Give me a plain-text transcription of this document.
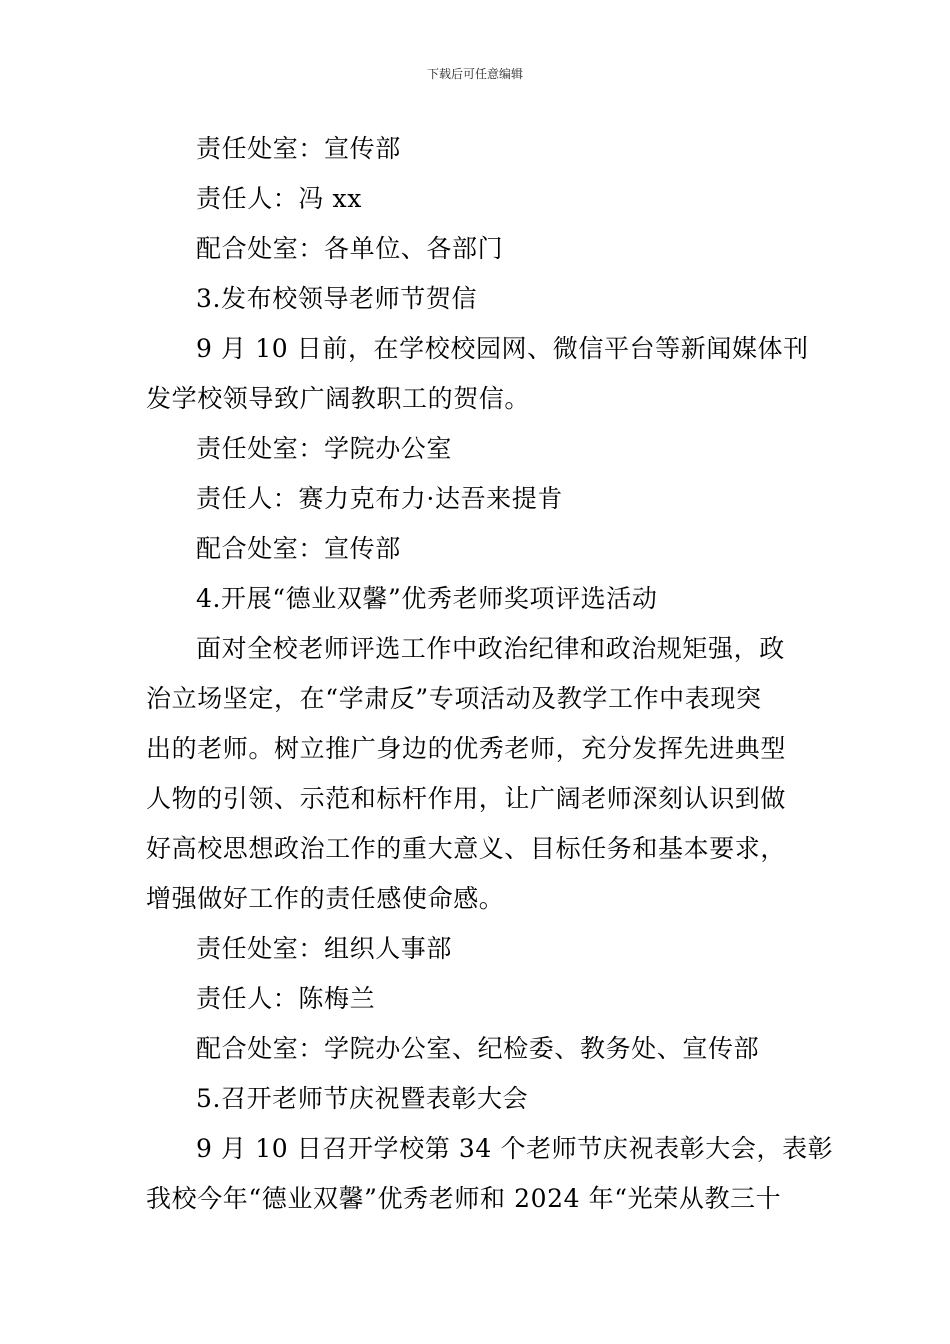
下载后可任意编辑
责任处室：宣传部
责任人：冯 xx
配合处室：各单位、各部门
3.发布校领导老师节贺信
9 月 10 日前，在学校校园网、微信平台等新闻媒体刊
发学校领导致广阔教职工的贺信。
责任处室：学院办公室
责任人：赛力克布力·达吾来提肯
配合处室：宣传部
4.开展“德业双馨”优秀老师奖项评选活动
面对全校老师评选工作中政治纪律和政治规矩强，政
治立场坚定，在“学肃反”专项活动及教学工作中表现突
出的老师。树立推广身边的优秀老师，充分发挥先进典型
人物的引领、示范和标杆作用，让广阔老师深刻认识到做
好高校思想政治工作的重大意义、目标任务和基本要求，
增强做好工作的责任感使命感。
责任处室：组织人事部
责任人：陈梅兰
配合处室：学院办公室、纪检委、教务处、宣传部
5.召开老师节庆祝暨表彰大会
9 月 10 日召开学校第 34 个老师节庆祝表彰大会，表彰
我校今年“德业双馨”优秀老师和 2024 年“光荣从教三十
